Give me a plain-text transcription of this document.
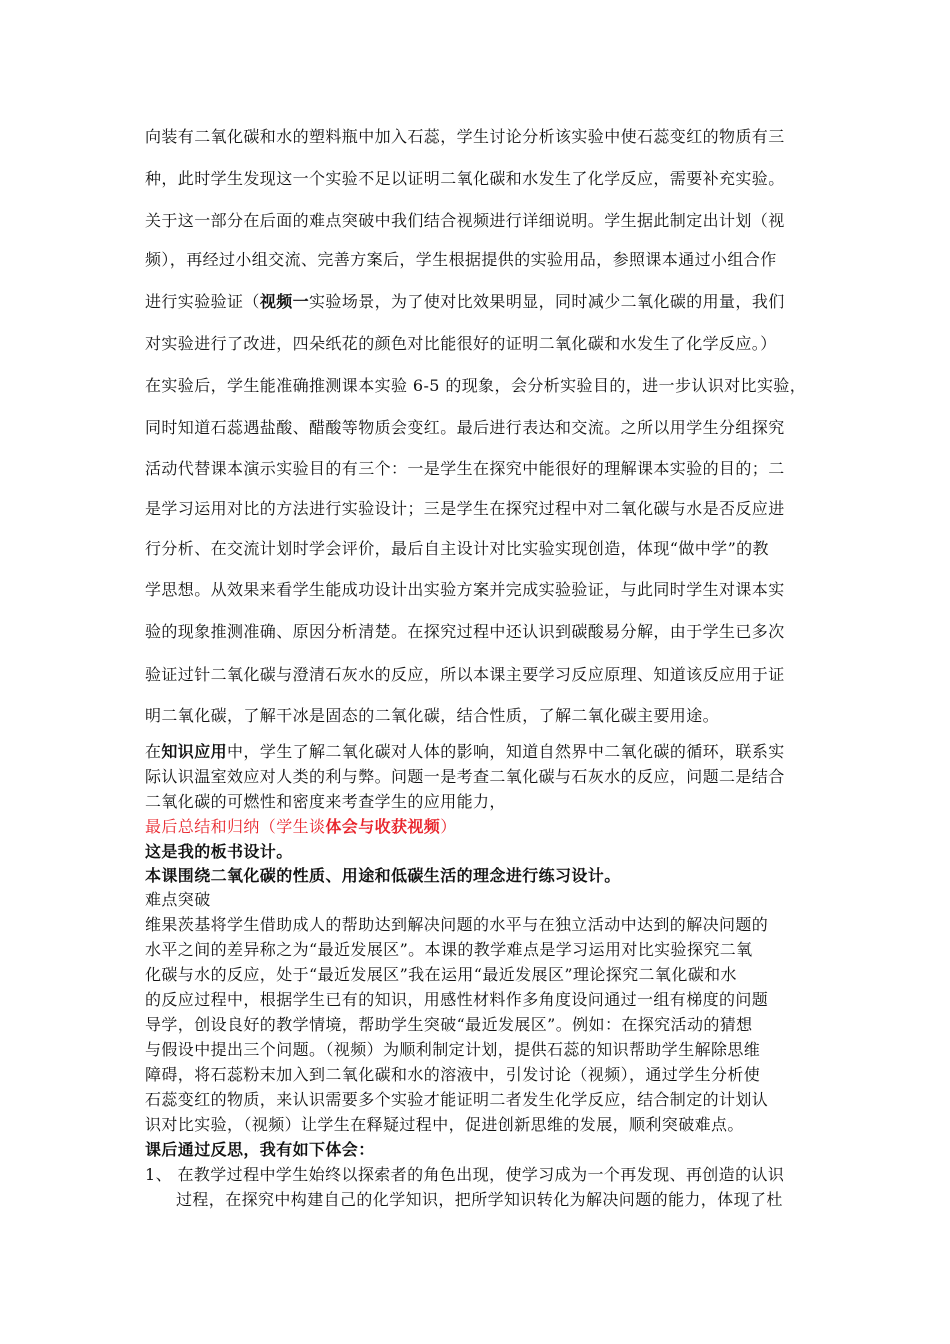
向装有二氧化碳和水的塑料瓶中加入石蕊，学生讨论分析该实验中使石蕊变红的物质有三
种，此时学生发现这一个实验不足以证明二氧化碳和水发生了化学反应，需要补充实验。
关于这一部分在后面的难点突破中我们结合视频进行详细说明。学生据此制定出计划（视
频），再经过小组交流、完善方案后，学生根据提供的实验用品，参照课本通过小组合作
进行实验验证（视频一实验场景，为了使对比效果明显，同时减少二氧化碳的用量，我们
对实验进行了改进，四朵纸花的颜色对比能很好的证明二氧化碳和水发生了化学反应。）
在实验后，学生能准确推测课本实验 6-5 的现象，会分析实验目的，进一步认识对比实验，
同时知道石蕊遇盐酸、醋酸等物质会变红。最后进行表达和交流。之所以用学生分组探究
活动代替课本演示实验目的有三个：一是学生在探究中能很好的理解课本实验的目的；二
是学习运用对比的方法进行实验设计；三是学生在探究过程中对二氧化碳与水是否反应进
行分析、在交流计划时学会评价，最后自主设计对比实验实现创造，体现“做中学”的教
学思想。从效果来看学生能成功设计出实验方案并完成实验验证，与此同时学生对课本实
验的现象推测准确、原因分析清楚。在探究过程中还认识到碳酸易分解，由于学生已多次
验证过针二氧化碳与澄清石灰水的反应，所以本课主要学习反应原理、知道该反应用于证
明二氧化碳，了解干冰是固态的二氧化碳，结合性质，了解二氧化碳主要用途。
在知识应用中，学生了解二氧化碳对人体的影响，知道自然界中二氧化碳的循环，联系实
际认识温室效应对人类的利与弊。问题一是考查二氧化碳与石灰水的反应，问题二是结合
二氧化碳的可燃性和密度来考查学生的应用能力，
最后总结和归纳（学生谈体会与收获视频）
这是我的板书设计。
本课围绕二氧化碳的性质、用途和低碳生活的理念进行练习设计。
难点突破
维果茨基将学生借助成人的帮助达到解决问题的水平与在独立活动中达到的解决问题的
水平之间的差异称之为“最近发展区”。本课的教学难点是学习运用对比实验探究二氧
化碳与水的反应，处于“最近发展区”我在运用“最近发展区”理论探究二氧化碳和水
的反应过程中，根据学生已有的知识，用感性材料作多角度设问通过一组有梯度的问题
导学，创设良好的教学情境，帮助学生突破“最近发展区”。例如：在探究活动的猜想
与假设中提出三个问题。（视频）为顺利制定计划，提供石蕊的知识帮助学生解除思维
障碍，将石蕊粉末加入到二氧化碳和水的溶液中，引发讨论（视频），通过学生分析使
石蕊变红的物质，来认识需要多个实验才能证明二者发生化学反应，结合制定的计划认
识对比实验，（视频）让学生在释疑过程中，促进创新思维的发展，顺利突破难点。
课后通过反思，我有如下体会：
1、 在教学过程中学生始终以探索者的角色出现，使学习成为一个再发现、再创造的认识
过程，在探究中构建自己的化学知识，把所学知识转化为解决问题的能力，体现了杜
